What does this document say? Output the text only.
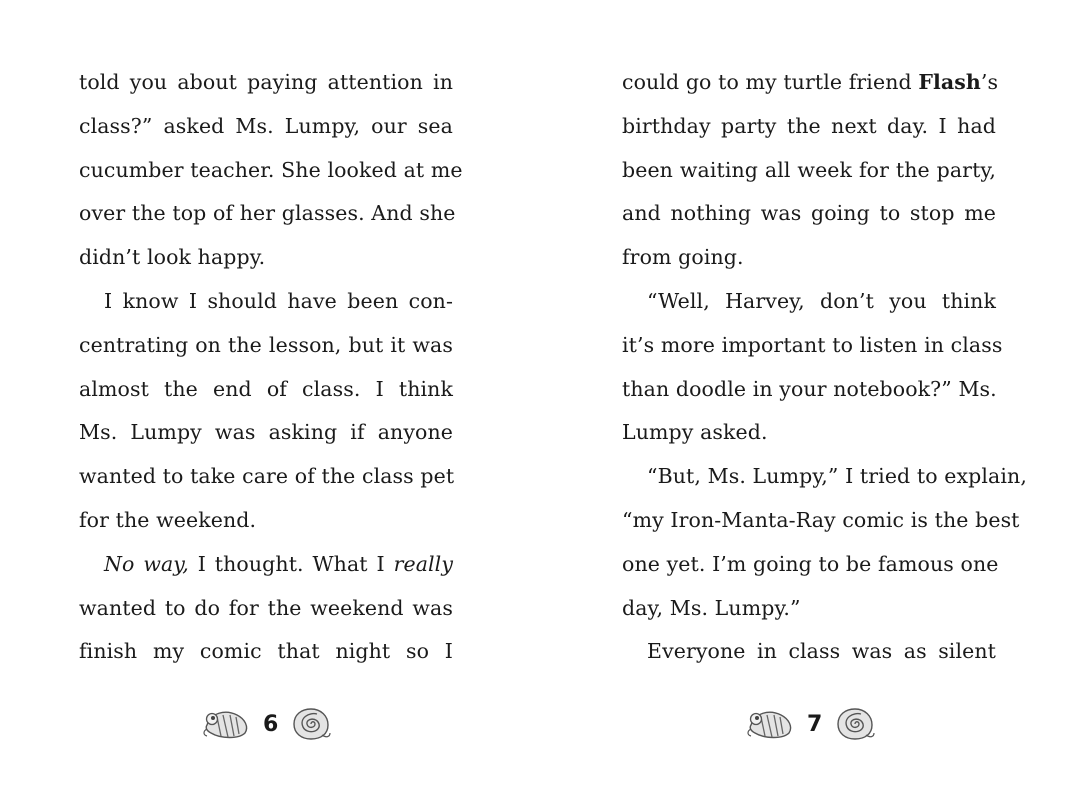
told you about paying attention in
class?” asked Ms. Lumpy, our sea
cucumber teacher. She looked at me
over the top of her glasses. And she
didn’t look happy.
I know I should have been con-
centrating on the lesson, but it was
almost the end of class. I think
Ms. Lumpy was asking if anyone
wanted to take care of the class pet
for the weekend.
No way, I thought. What I really
wanted to do for the weekend was
finish my comic that night so I
could go to my turtle friend Flash’s
birthday party the next day. I had
been waiting all week for the party,
and nothing was going to stop me
from going.
“Well, Harvey, don’t you think
it’s more important to listen in class
than doodle in your notebook?” Ms.
Lumpy asked.
“But, Ms. Lumpy,” I tried to explain,
“my Iron-Manta-Ray comic is the best
one yet. I’m going to be famous one
day, Ms. Lumpy.”
Everyone in class was as silent
6	7
